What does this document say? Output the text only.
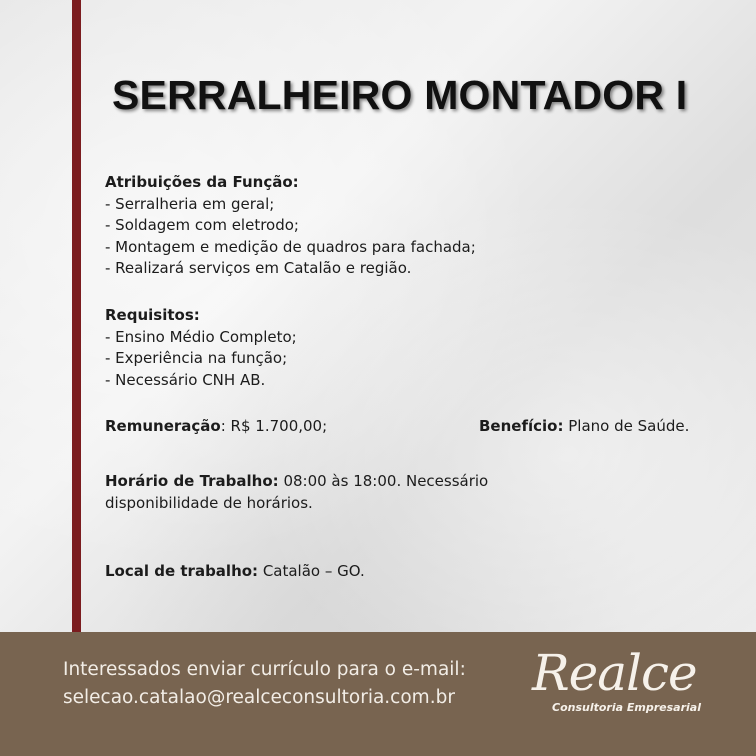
SERRALHEIRO MONTADOR I
Atribuições da Função:
- Serralheria em geral;
- Soldagem com eletrodo;
- Montagem e medição de quadros para fachada;
- Realizará serviços em Catalão e região.
Requisitos:
- Ensino Médio Completo;
- Experiência na função;
- Necessário CNH AB.
Remuneração: R$ 1.700,00;	Benefício: Plano de Saúde.
Horário de Trabalho: 08:00 às 18:00. Necessário
disponibilidade de horários.
Local de trabalho: Catalão – GO.
Interessados enviar currículo para o e-mail:
selecao.catalao@realceconsultoria.com.br Realce
Consultoria Empresarial
